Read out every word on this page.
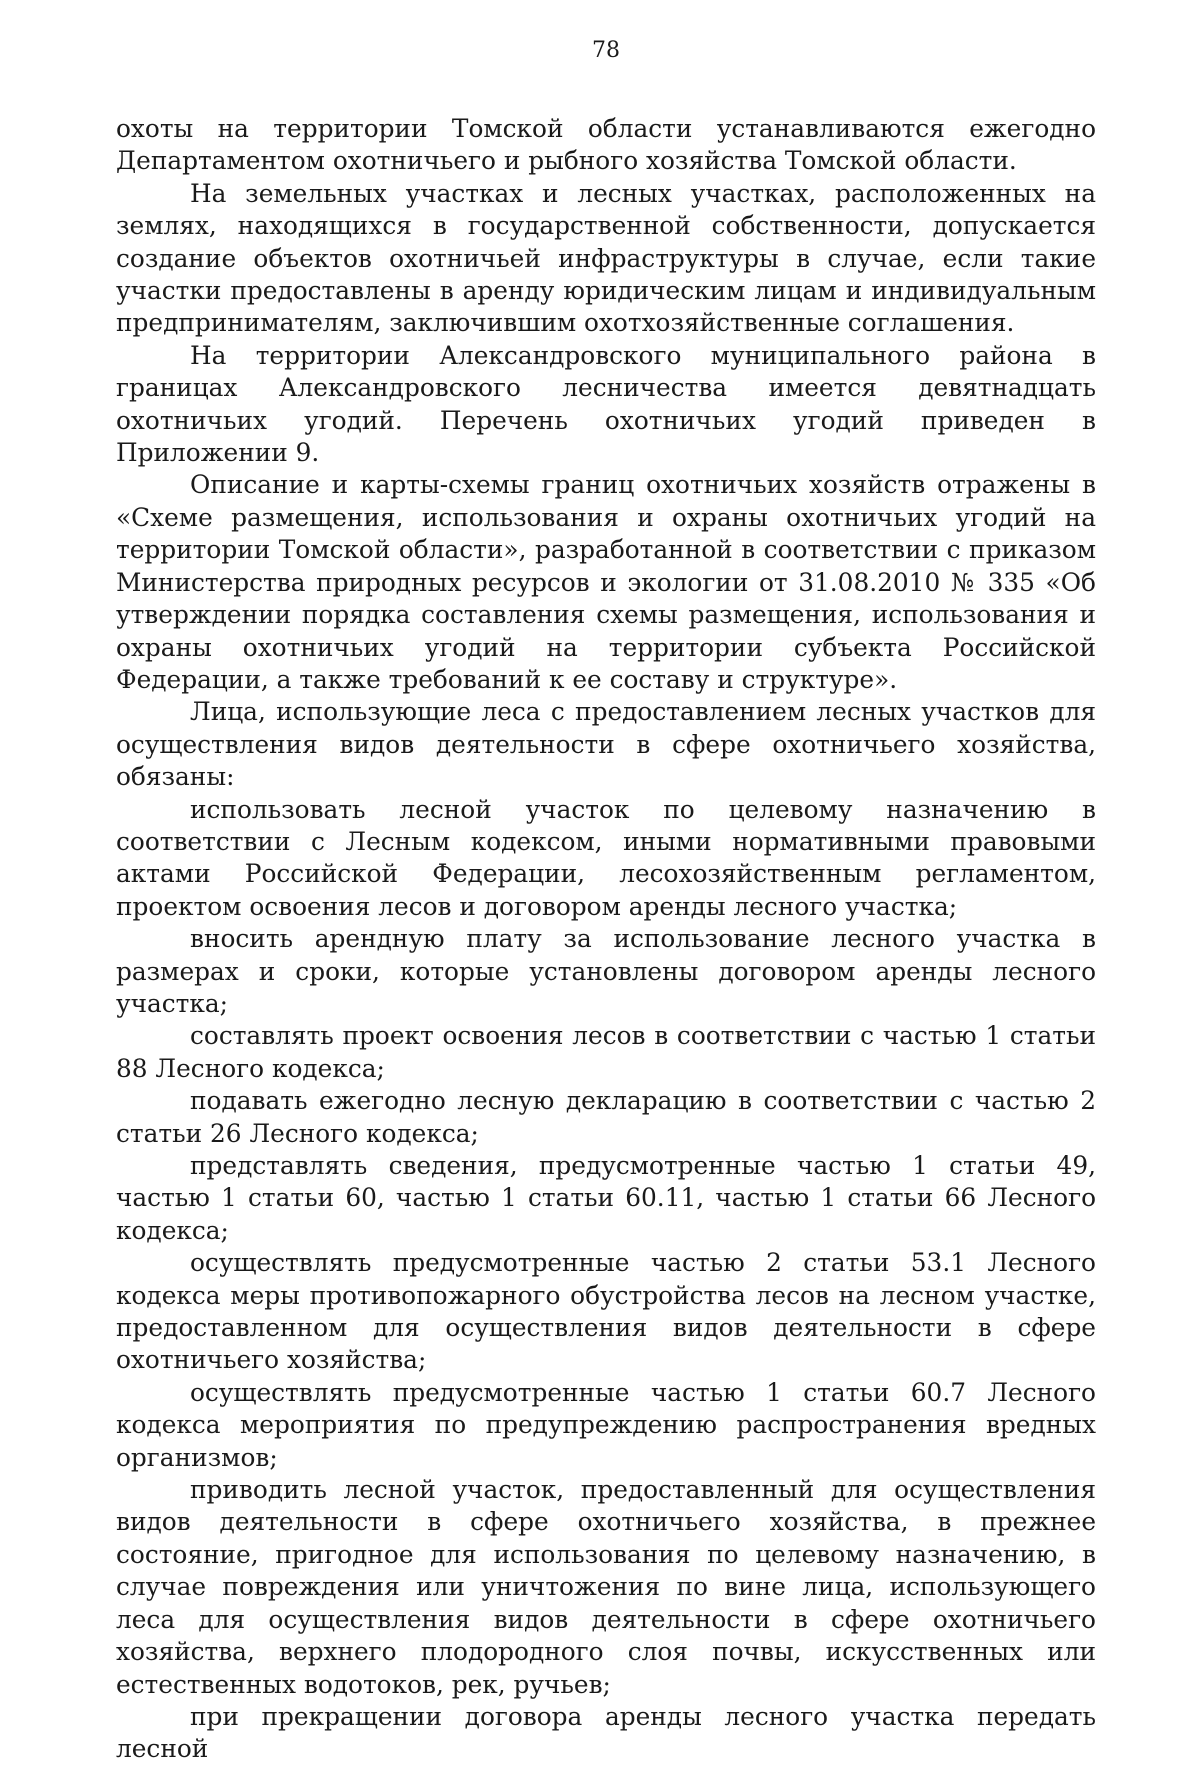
78

охоты на территории Томской области устанавливаются ежегодно Департаментом охотничьего и рыбного хозяйства Томской области.

На земельных участках и лесных участках, расположенных на землях, находящихся в государственной собственности, допускается создание объектов охотничьей инфраструктуры в случае, если такие участки предоставлены в аренду юридическим лицам и индивидуальным предпринимателям, заключившим охотхозяйственные соглашения.

На территории Александровского муниципального района в границах Александровского лесничества имеется девятнадцать охотничьих угодий. Перечень охотничьих угодий приведен в Приложении 9.

Описание и карты-схемы границ охотничьих хозяйств отражены в «Схеме размещения, использования и охраны охотничьих угодий на территории Томской области», разработанной в соответствии с приказом Министерства природных ресурсов и экологии от 31.08.2010 № 335 «Об утверждении порядка составления схемы размещения, использования и охраны охотничьих угодий на территории субъекта Российской Федерации, а также требований к ее составу и структуре».

Лица, использующие леса с предоставлением лесных участков для осуществления видов деятельности в сфере охотничьего хозяйства, обязаны:

использовать лесной участок по целевому назначению в соответствии с Лесным кодексом, иными нормативными правовыми актами Российской Федерации, лесохозяйственным регламентом, проектом освоения лесов и договором аренды лесного участка;

вносить арендную плату за использование лесного участка в размерах и сроки, которые установлены договором аренды лесного участка;

составлять проект освоения лесов в соответствии с частью 1 статьи 88 Лесного кодекса;

подавать ежегодно лесную декларацию в соответствии с частью 2 статьи 26 Лесного кодекса;

представлять сведения, предусмотренные частью 1 статьи 49, частью 1 статьи 60, частью 1 статьи 60.11, частью 1 статьи 66 Лесного кодекса;

осуществлять предусмотренные частью 2 статьи 53.1 Лесного кодекса меры противопожарного обустройства лесов на лесном участке, предоставленном для осуществления видов деятельности в сфере охотничьего хозяйства;

осуществлять предусмотренные частью 1 статьи 60.7 Лесного кодекса мероприятия по предупреждению распространения вредных организмов;

приводить лесной участок, предоставленный для осуществления видов деятельности в сфере охотничьего хозяйства, в прежнее состояние, пригодное для использования по целевому назначению, в случае повреждения или уничтожения по вине лица, использующего леса для осуществления видов деятельности в сфере охотничьего хозяйства, верхнего плодородного слоя почвы, искусственных или естественных водотоков, рек, ручьев;

при прекращении договора аренды лесного участка передать лесной
